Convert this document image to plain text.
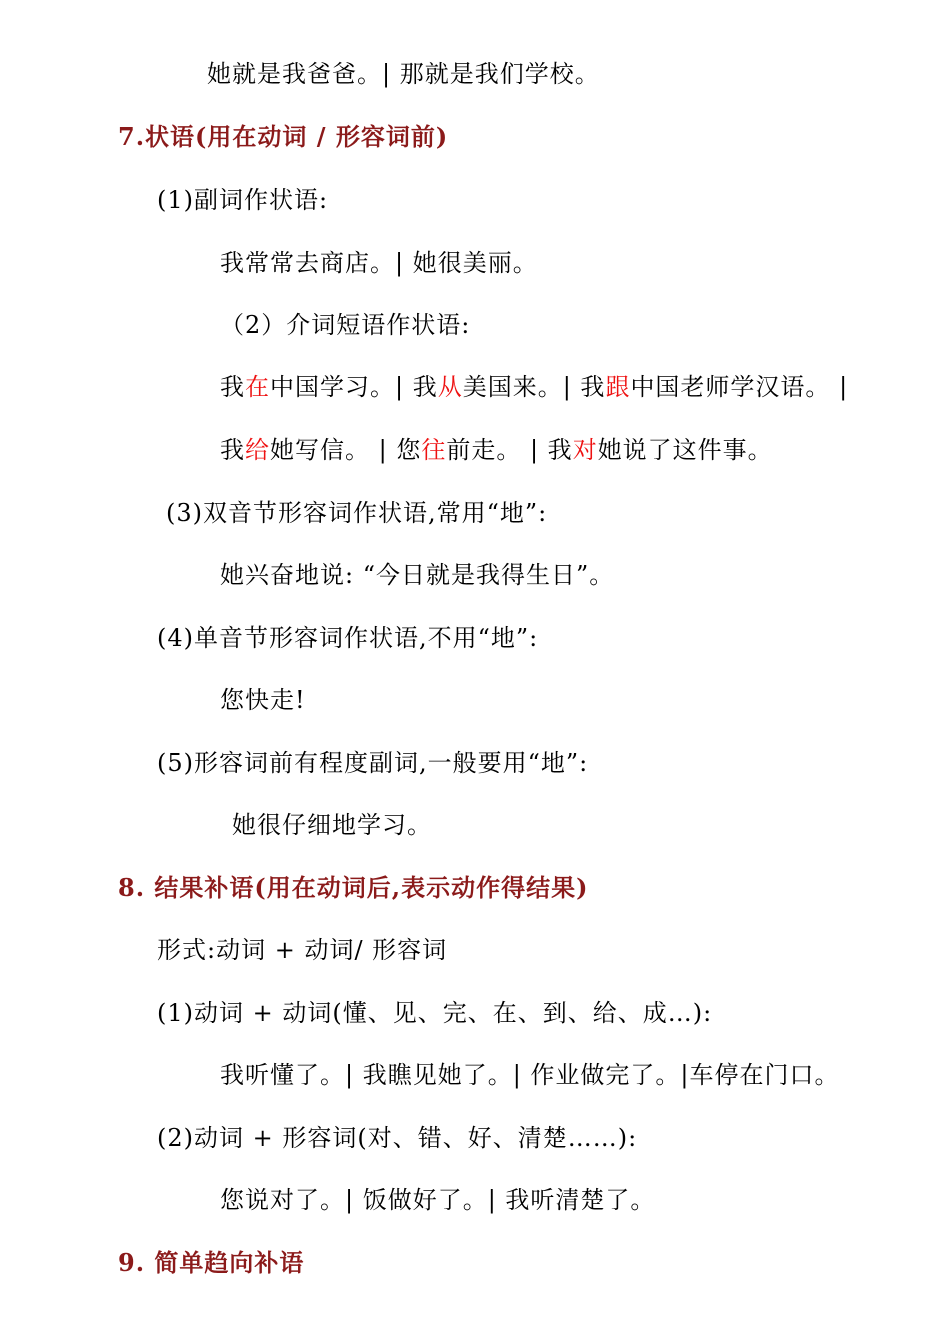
她就是我爸爸。| 那就是我们学校。
7.状语(用在动词 / 形容词前)
(1)副词作状语:
我常常去商店。| 她很美丽。
（2）介词短语作状语:
我在中国学习。| 我从美国来。| 我跟中国老师学汉语。 |
我给她写信。 | 您往前走。 | 我对她说了这件事。
(3)双音节形容词作状语,常用“地”:
她兴奋地说: “今日就是我得生日”。
(4)单音节形容词作状语,不用“地”:
您快走!
(5)形容词前有程度副词,一般要用“地”:
她很仔细地学习。
8. 结果补语(用在动词后,表示动作得结果)
形式:动词 + 动词/ 形容词
(1)动词 + 动词(懂、见、完、在、到、给、成…):
我听懂了。| 我瞧见她了。| 作业做完了。|车停在门口。
(2)动词 + 形容词(对、错、好、清楚……):
您说对了。| 饭做好了。| 我听清楚了。
9. 简单趋向补语
